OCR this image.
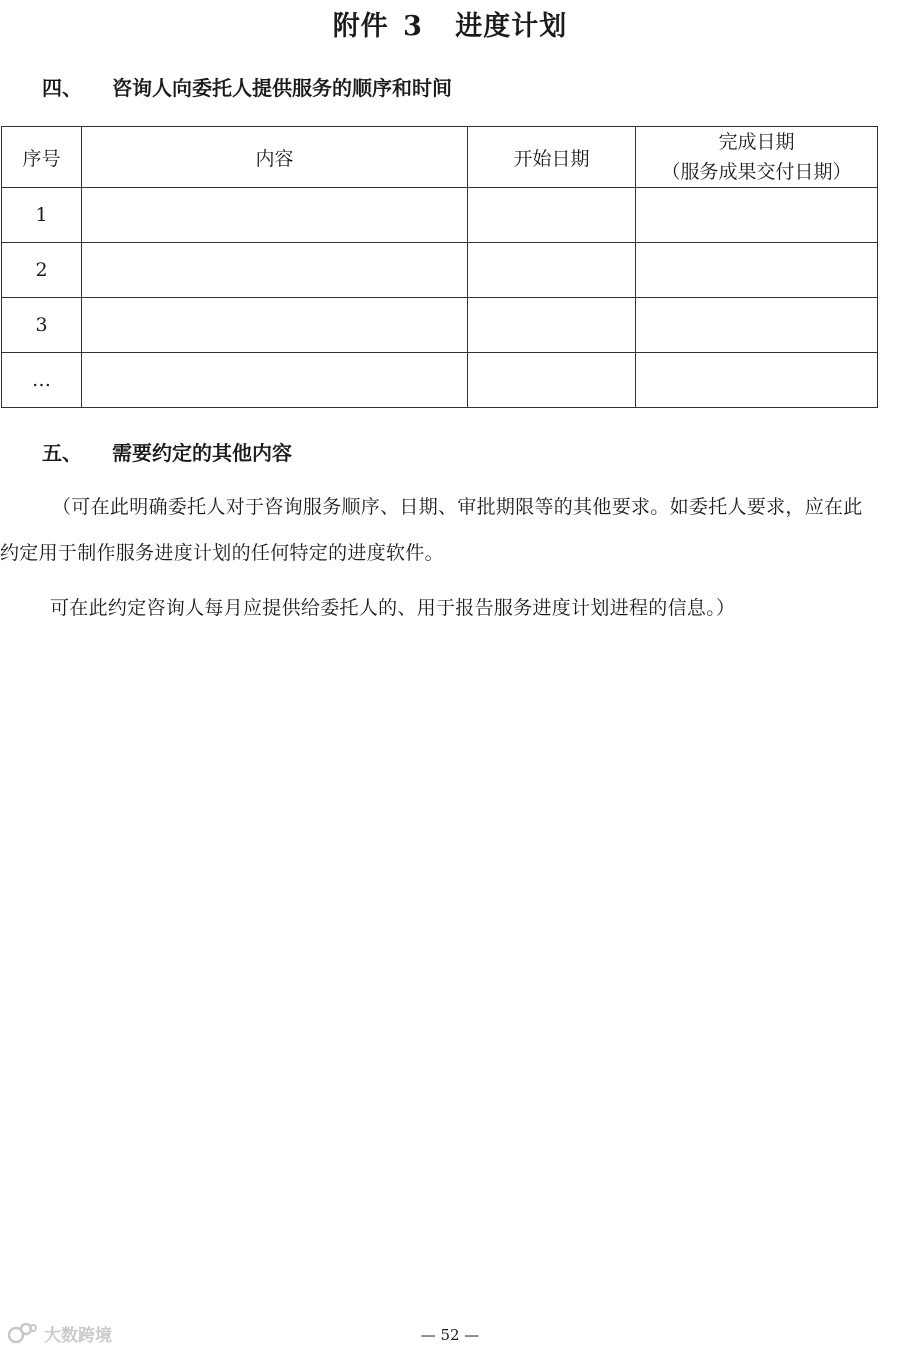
附件 3 进度计划
四、 咨询人向委托人提供服务的顺序和时间
序号	内容	开始日期	完成日期
（服务成果交付日期）

1			
2			
3			
…			
五、 需要约定的其他内容
（可在此明确委托人对于咨询服务顺序、日期、审批期限等的其他要求。如委托人要求，应在此约定用于制作服务进度计划的任何特定的进度软件。
可在此约定咨询人每月应提供给委托人的、用于报告服务进度计划进程的信息。）
大数跨境	— 52 —
